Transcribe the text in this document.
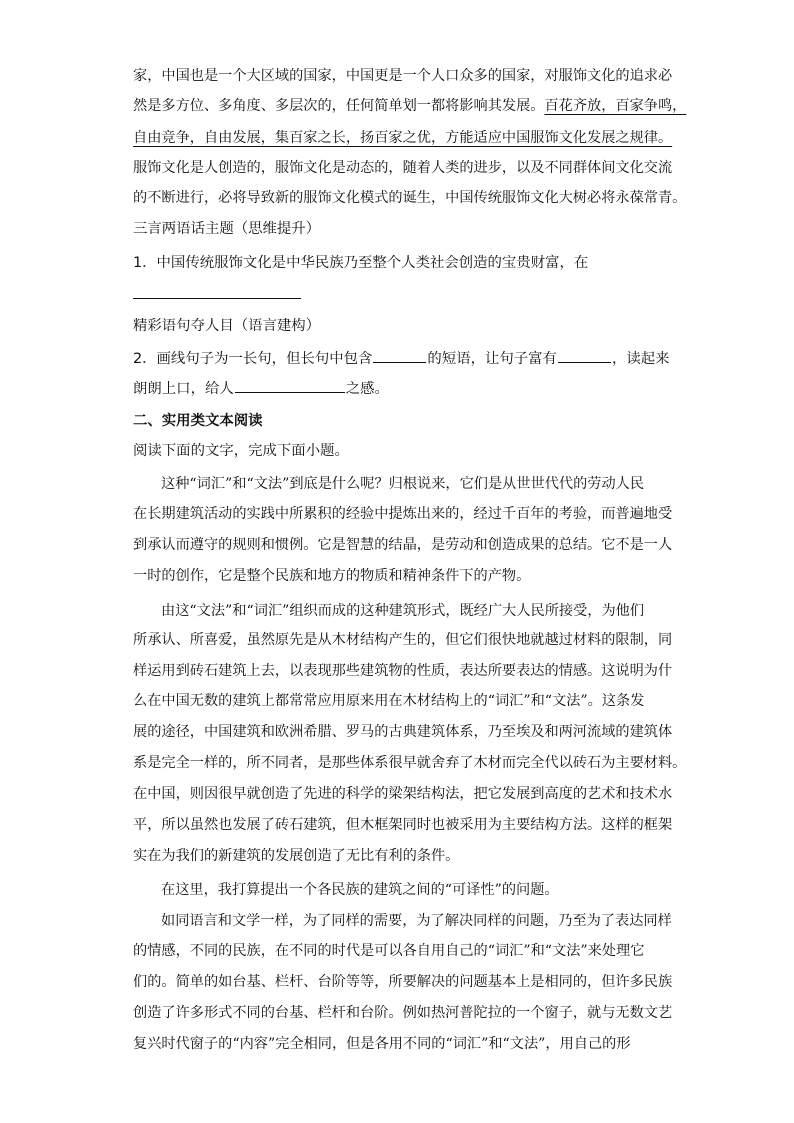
家，中国也是一个大区域的国家，中国更是一个人口众多的国家，对服饰文化的追求必
然是多方位、多角度、多层次的，任何简单划一都将影响其发展。百花齐放，百家争鸣，
自由竞争，自由发展，集百家之长，扬百家之优，方能适应中国服饰文化发展之规律。
服饰文化是人创造的，服饰文化是动态的，随着人类的进步，以及不同群体间文化交流
的不断进行，必将导致新的服饰文化模式的诞生，中国传统服饰文化大树必将永葆常青。
三言两语话主题（思维提升）
1．中国传统服饰文化是中华民族乃至整个人类社会创造的宝贵财富，在
精彩语句夺人目（语言建构）
2．画线句子为一长句，但长句中包含	的短语，让句子富有	，读起来
朗朗上口，给人	之感。
二、实用类文本阅读
阅读下面的文字，完成下面小题。
这种“词汇”和“文法”到底是什么呢？归根说来，它们是从世世代代的劳动人民
在长期建筑活动的实践中所累积的经验中提炼出来的，经过千百年的考验，而普遍地受
到承认而遵守的规则和惯例。它是智慧的结晶，是劳动和创造成果的总结。它不是一人
一时的创作，它是整个民族和地方的物质和精神条件下的产物。
由这“文法”和“词汇”组织而成的这种建筑形式，既经广大人民所接受，为他们
所承认、所喜爱，虽然原先是从木材结构产生的，但它们很快地就越过材料的限制，同
样运用到砖石建筑上去，以表现那些建筑物的性质，表达所要表达的情感。这说明为什
么在中国无数的建筑上都常常应用原来用在木材结构上的“词汇”和“文法”。这条发
展的途径，中国建筑和欧洲希腊、罗马的古典建筑体系，乃至埃及和两河流域的建筑体
系是完全一样的，所不同者，是那些体系很早就舍弃了木材而完全代以砖石为主要材料。
在中国，则因很早就创造了先进的科学的梁架结构法，把它发展到高度的艺术和技术水
平，所以虽然也发展了砖石建筑，但木框架同时也被采用为主要结构方法。这样的框架
实在为我们的新建筑的发展创造了无比有利的条件。
在这里，我打算提出一个各民族的建筑之间的“可译性”的问题。
如同语言和文学一样，为了同样的需要，为了解决同样的问题，乃至为了表达同样
的情感，不同的民族，在不同的时代是可以各自用自己的“词汇”和“文法”来处理它
们的。简单的如台基、栏杆、台阶等等，所要解决的问题基本上是相同的，但许多民族
创造了许多形式不同的台基、栏杆和台阶。例如热河普陀拉的一个窗子，就与无数文艺
复兴时代窗子的“内容”完全相同，但是各用不同的“词汇”和“文法”，用自己的形
